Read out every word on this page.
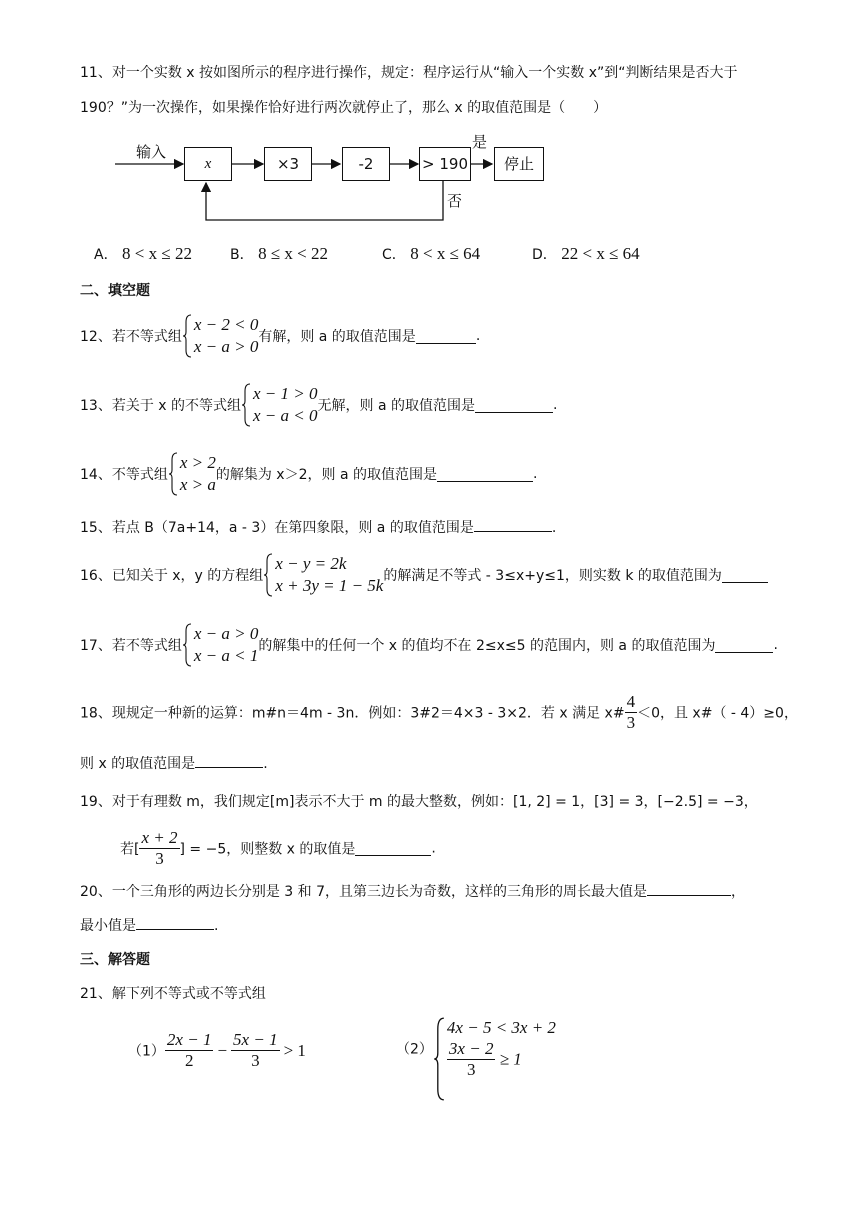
11、对一个实数 x 按如图所示的程序进行操作，规定：程序运行从“输入一个实数 x”到“判断结果是否大于
190？”为一次操作，如果操作恰好进行两次就停止了，那么 x 的取值范围是（　　）
输入
x	×3	-2	> 190	停止
是
否
A． 8 < x ≤ 22	B． 8 ≤ x < 22	C． 8 < x ≤ 64	D． 22 < x ≤ 64
二、填空题
12、若不等式组
x − 2 < 0
x − a > 0 有解，则 a 的取值范围是	.
13、若关于 x 的不等式组
x − 1 > 0
x − a < 0 无解，则 a 的取值范围是	.
14、不等式组
x > 2
x > a 的解集为 x＞2，则 a 的取值范围是	.
15、若点 B（7a+14，a - 3）在第四象限，则 a 的取值范围是	.
16、已知关于 x，y 的方程组
x − y = 2k
x + 3y = 1 − 5k 的解满足不等式 - 3≤x+y≤1，则实数 k 的取值范围为
17、若不等式组
x − a > 0
x − a < 1 的解集中的任何一个 x 的值均不在 2≤x≤5 的范围内，则 a 的取值范围为	.
18、现规定一种新的运算：m#n＝4m - 3n．例如：3#2＝4×3 - 3×2．若 x 满足 x# $\frac{4}{3} <0$，且 x#（ - 4）≥0，
则 x 的取值范围是	.
19、对于有理数 m，我们规定[m]表示不大于 m 的最大整数，例如：[1, 2] = 1，[3] = 3，[−2.5] = −3，
若[ $\frac{x + 2}{3}$ ] = −5，则整数 x 的取值是	.
20、一个三角形的两边长分别是 3 和 7，且第三边长为奇数，这样的三角形的周长最大值是	，
最小值是	.
三、解答题
21、解下列不等式或不等式组
$(1) \frac{2x - 1}{2} - \frac{5x - 1}{3} > 1$	（2）
4x − 5 < 3x + 2
$\frac{3x - 2}{3} \ge 1$
